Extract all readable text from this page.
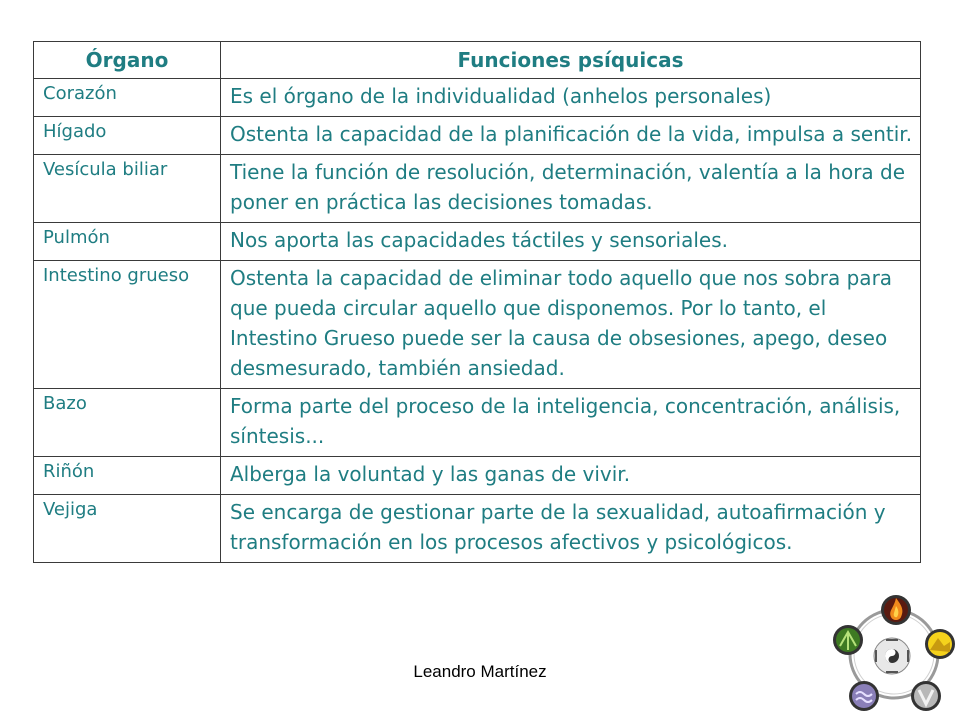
Órgano	Funciones psíquicas
Corazón	Es el órgano de la individualidad (anhelos personales)
Hígado	Ostenta la capacidad de la planificación de la vida, impulsa a sentir.
Vesícula biliar	Tiene la función de resolución, determinación, valentía a la hora de poner en práctica las decisiones tomadas.
Pulmón	Nos aporta las capacidades táctiles y sensoriales.
Intestino grueso	Ostenta la capacidad de eliminar todo aquello que nos sobra para que pueda circular aquello que disponemos. Por lo tanto, el Intestino Grueso puede ser la causa de obsesiones, apego, deseo desmesurado, también ansiedad.
Bazo	Forma parte del proceso de la inteligencia, concentración, análisis, síntesis...
Riñón	Alberga la voluntad y las ganas de vivir.
Vejiga	Se encarga de gestionar parte de la sexualidad, autoafirmación y transformación en los procesos afectivos y psicológicos.
Leandro Martínez
